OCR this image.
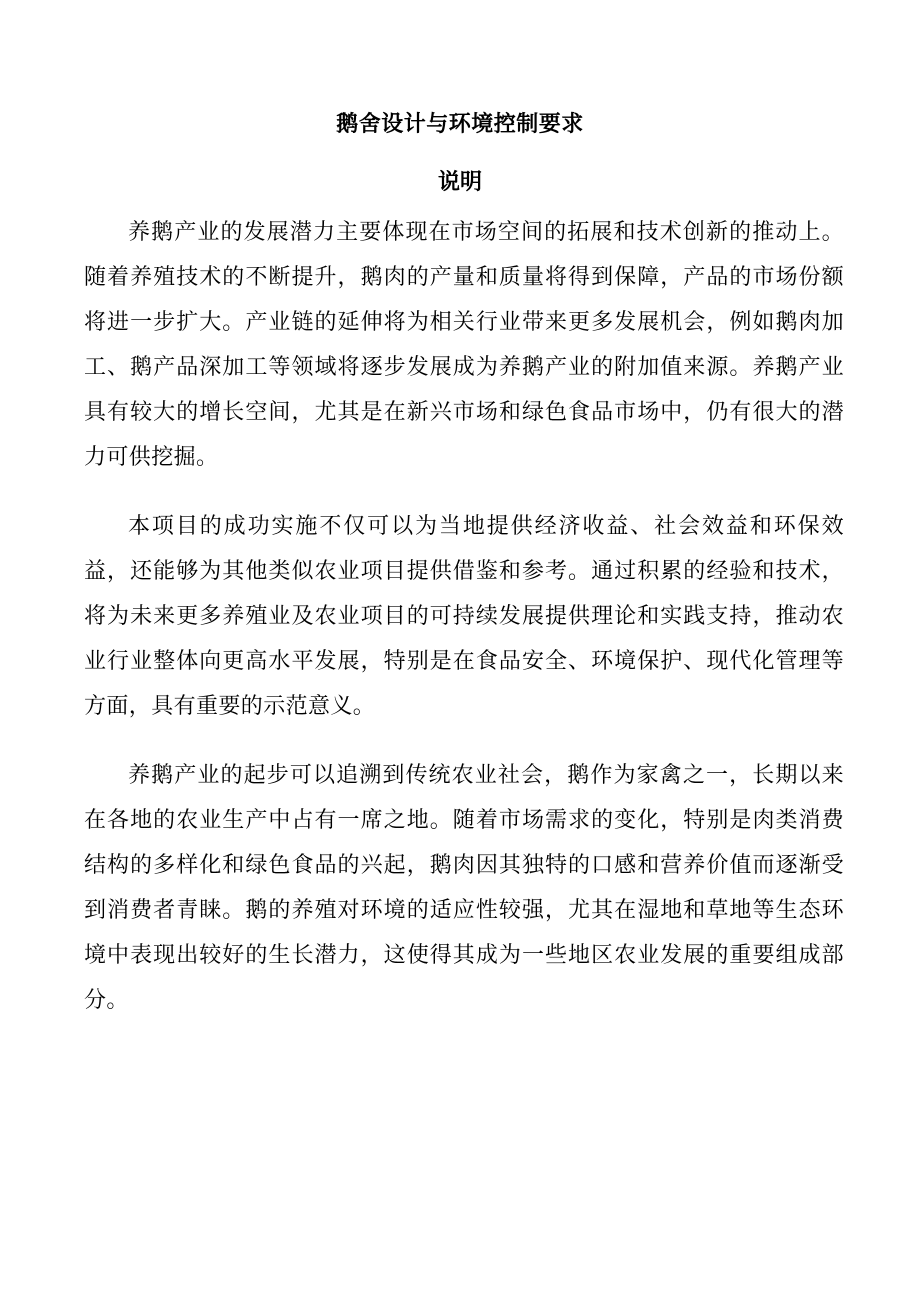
鹅舍设计与环境控制要求
说明

养鹅产业的发展潜力主要体现在市场空间的拓展和技术创新的推动上。随着养殖技术的不断提升，鹅肉的产量和质量将得到保障，产品的市场份额将进一步扩大。产业链的延伸将为相关行业带来更多发展机会，例如鹅肉加工、鹅产品深加工等领域将逐步发展成为养鹅产业的附加值来源。养鹅产业具有较大的增长空间，尤其是在新兴市场和绿色食品市场中，仍有很大的潜力可供挖掘。

本项目的成功实施不仅可以为当地提供经济收益、社会效益和环保效益，还能够为其他类似农业项目提供借鉴和参考。通过积累的经验和技术，将为未来更多养殖业及农业项目的可持续发展提供理论和实践支持，推动农业行业整体向更高水平发展，特别是在食品安全、环境保护、现代化管理等方面，具有重要的示范意义。

养鹅产业的起步可以追溯到传统农业社会，鹅作为家禽之一，长期以来在各地的农业生产中占有一席之地。随着市场需求的变化，特别是肉类消费结构的多样化和绿色食品的兴起，鹅肉因其独特的口感和营养价值而逐渐受到消费者青睐。鹅的养殖对环境的适应性较强，尤其在湿地和草地等生态环境中表现出较好的生长潜力，这使得其成为一些地区农业发展的重要组成部分。
